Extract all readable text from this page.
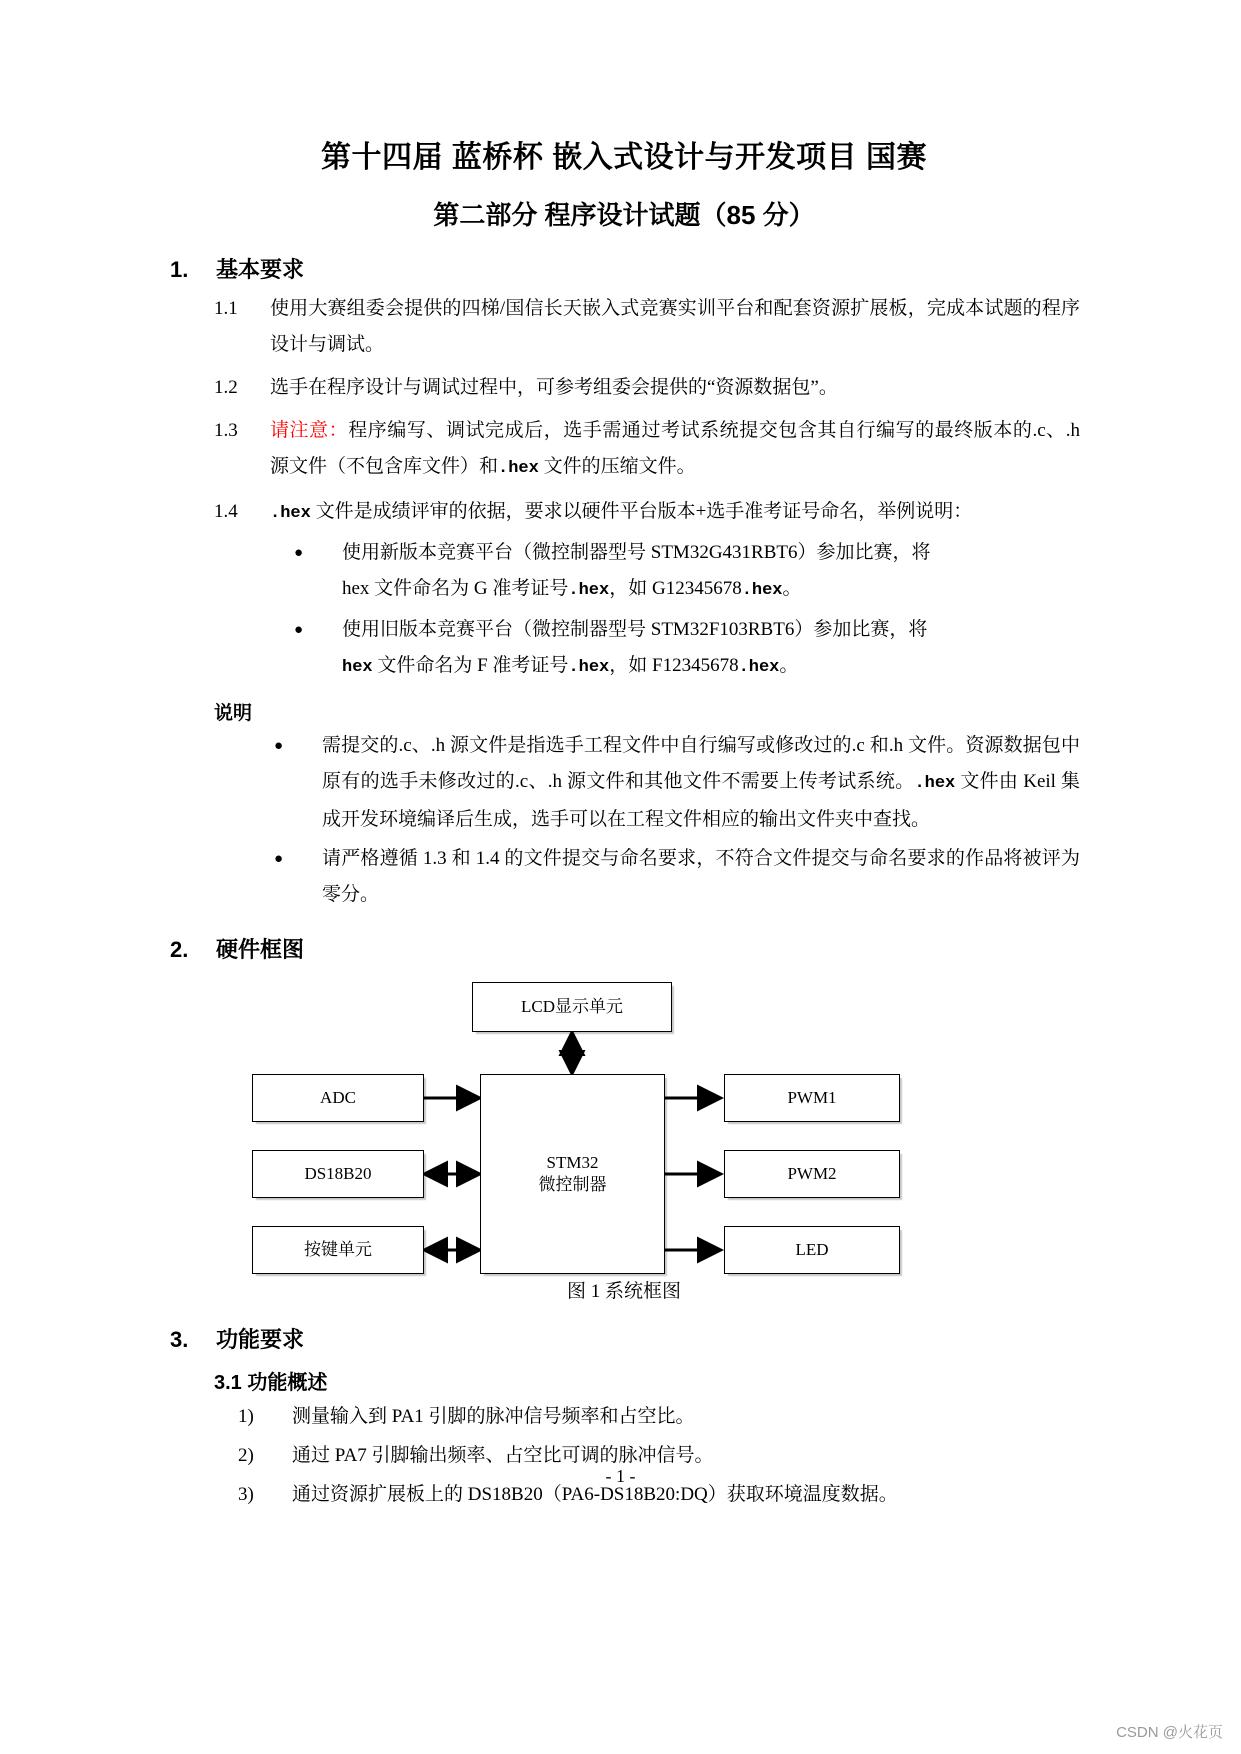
第十四届 蓝桥杯 嵌入式设计与开发项目 国赛
第二部分 程序设计试题（85 分）
1.	基本要求
1.1	使用大赛组委会提供的四梯/国信长天嵌入式竞赛实训平台和配套资源扩展板，完成本试题的程序设计与调试。
1.2	选手在程序设计与调试过程中，可参考组委会提供的“资源数据包”。
1.3	请注意：程序编写、调试完成后，选手需通过考试系统提交包含其自行编写的最终版本的.c、.h 源文件（不包含库文件）和.hex 文件的压缩文件。
1.4	.hex 文件是成绩评审的依据，要求以硬件平台版本+选手准考证号命名，举例说明：
●	使用新版本竞赛平台（微控制器型号 STM32G431RBT6）参加比赛，将
hex 文件命名为 G 准考证号.hex，如 G12345678.hex。
●	使用旧版本竞赛平台（微控制器型号 STM32F103RBT6）参加比赛，将
hex 文件命名为 F 准考证号.hex，如 F12345678.hex。
说明
●	需提交的.c、.h 源文件是指选手工程文件中自行编写或修改过的.c 和.h 文件。资源数据包中原有的选手未修改过的.c、.h 源文件和其他文件不需要上传考试系统。.hex 文件由 Keil 集成开发环境编译后生成，选手可以在工程文件相应的输出文件夹中查找。
●	请严格遵循 1.3 和 1.4 的文件提交与命名要求，不符合文件提交与命名要求的作品将被评为零分。
2.	硬件框图
LCD显示单元
ADC
DS18B20
按键单元
STM32
微控制器
PWM1
PWM2
LED
图 1 系统框图
3.	功能要求
3.1 功能概述
1)	测量输入到 PA1 引脚的脉冲信号频率和占空比。
2)	通过 PA7 引脚输出频率、占空比可调的脉冲信号。
3)	通过资源扩展板上的 DS18B20（PA6-DS18B20:DQ）获取环境温度数据。
- 1 -
CSDN @火花页
